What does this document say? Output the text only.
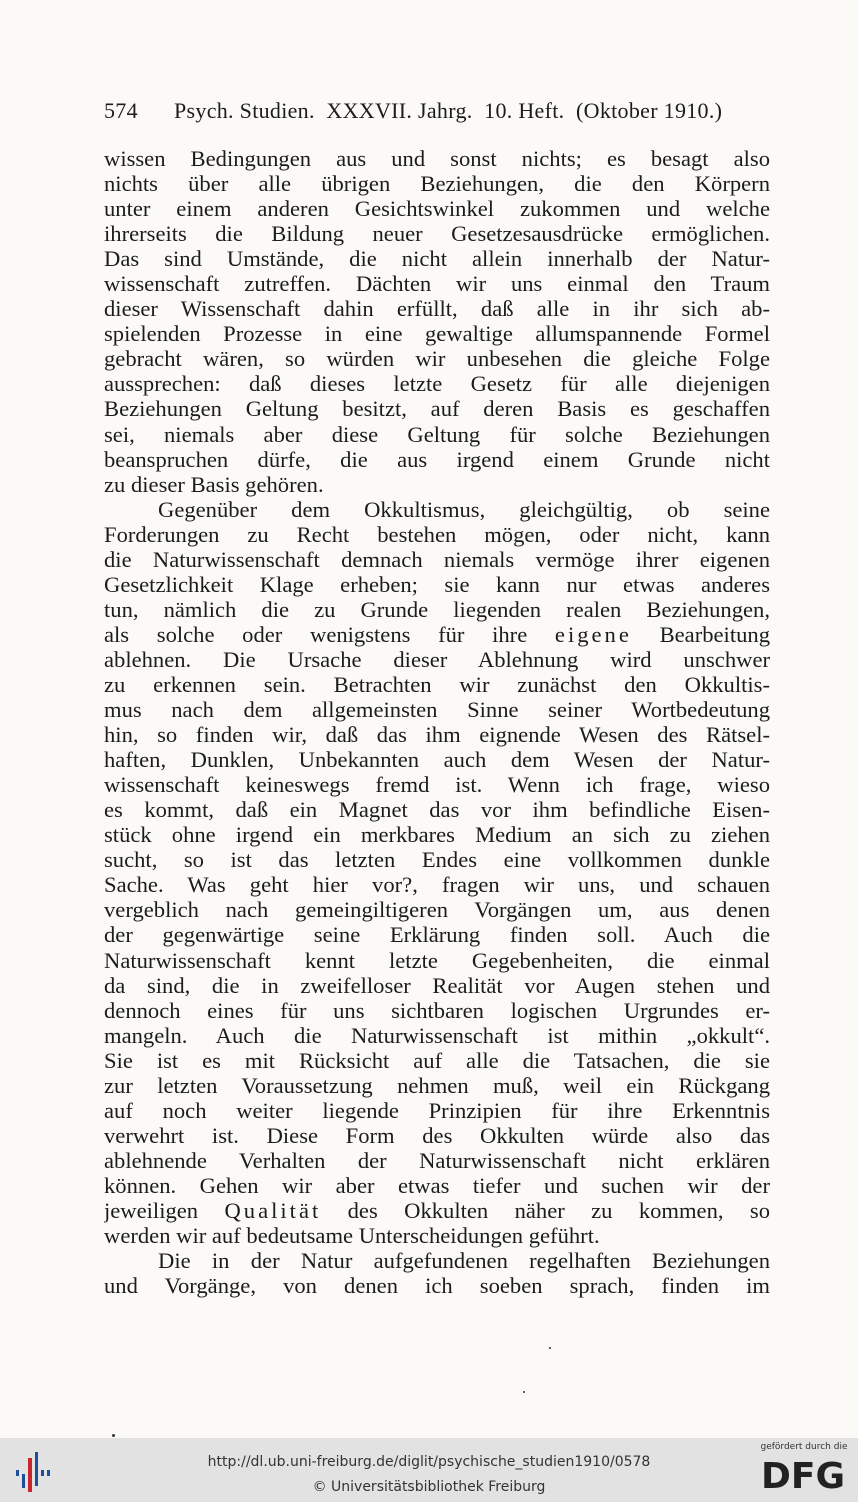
574 Psych. Studien.  XXXVII. Jahrg.  10. Heft.  (Oktober 1910.)
wissen Bedingungen aus und sonst nichts; es besagt also
nichts über alle übrigen Beziehungen, die den Körpern
unter einem anderen Gesichtswinkel zukommen und welche
ihrerseits die Bildung neuer Gesetzesausdrücke ermöglichen.
Das sind Umstände, die nicht allein innerhalb der Natur-
wissenschaft zutreffen. Dächten wir uns einmal den Traum
dieser Wissenschaft dahin erfüllt, daß alle in ihr sich ab-
spielenden Prozesse in eine gewaltige allumspannende Formel
gebracht wären, so würden wir unbesehen die gleiche Folge
aussprechen: daß dieses letzte Gesetz für alle diejenigen
Beziehungen Geltung besitzt, auf deren Basis es geschaffen
sei, niemals aber diese Geltung für solche Beziehungen
beanspruchen dürfe, die aus irgend einem Grunde nicht
zu dieser Basis gehören.
Gegenüber dem Okkultismus, gleichgültig, ob seine
Forderungen zu Recht bestehen mögen, oder nicht, kann
die Naturwissenschaft demnach niemals vermöge ihrer eigenen
Gesetzlichkeit Klage erheben; sie kann nur etwas anderes
tun, nämlich die zu Grunde liegenden realen Beziehungen,
als solche oder wenigstens für ihre eigene Bearbeitung
ablehnen. Die Ursache dieser Ablehnung wird unschwer
zu erkennen sein. Betrachten wir zunächst den Okkultis-
mus nach dem allgemeinsten Sinne seiner Wortbedeutung
hin, so finden wir, daß das ihm eignende Wesen des Rätsel-
haften, Dunklen, Unbekannten auch dem Wesen der Natur-
wissenschaft keineswegs fremd ist. Wenn ich frage, wieso
es kommt, daß ein Magnet das vor ihm befindliche Eisen-
stück ohne irgend ein merkbares Medium an sich zu ziehen
sucht, so ist das letzten Endes eine vollkommen dunkle
Sache. Was geht hier vor?, fragen wir uns, und schauen
vergeblich nach gemeingiltigeren Vorgängen um, aus denen
der gegenwärtige seine Erklärung finden soll. Auch die
Naturwissenschaft kennt letzte Gegebenheiten, die einmal
da sind, die in zweifelloser Realität vor Augen stehen und
dennoch eines für uns sichtbaren logischen Urgrundes er-
mangeln. Auch die Naturwissenschaft ist mithin „okkult“.
Sie ist es mit Rücksicht auf alle die Tatsachen, die sie
zur letzten Voraussetzung nehmen muß, weil ein Rückgang
auf noch weiter liegende Prinzipien für ihre Erkenntnis
verwehrt ist. Diese Form des Okkulten würde also das
ablehnende Verhalten der Naturwissenschaft nicht erklären
können. Gehen wir aber etwas tiefer und suchen wir der
jeweiligen Qualität des Okkulten näher zu kommen, so
werden wir auf bedeutsame Unterscheidungen geführt.
Die in der Natur aufgefundenen regelhaften Beziehungen
und Vorgänge, von denen ich soeben sprach, finden im
http://dl.ub.uni-freiburg.de/diglit/psychische_studien1910/0578
© Universitätsbibliothek Freiburg
gefördert durch die
DFG
